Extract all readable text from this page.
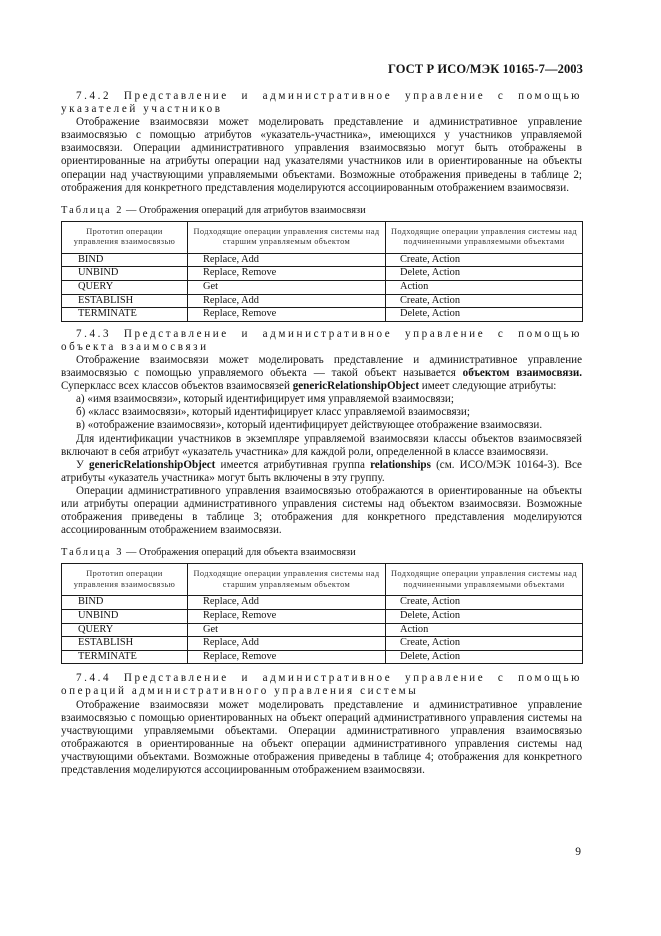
ГОСТ Р ИСО/МЭК 10165-7—2003

7.4.2 Представление и административное управление с помощью указателей участников

Отображение взаимосвязи может моделировать представление и административное управление взаимосвязью с помощью атрибутов «указатель-участника», имеющихся у участников управляемой взаимосвязи. Операции административного управления взаимосвязью могут быть отображены в ориентированные на атрибуты операции над указателями участников или в ориентированные на объекты операции над участвующими управляемыми объектами. Возможные отображения приведены в таблице 2; отображения для конкретного представления моделируются ассоциированным отображением взаимосвязи.

Таблица 2 — Отображения операций для атрибутов взаимосвязи
Прототип операции управления взаимосвязью	Подходящие операции управления системы над старшим управляемым объектом	Подходящие операции управления системы над подчиненными управляемыми объектами
BIND	Replace, Add	Create, Action
UNBIND	Replace, Remove	Delete, Action
QUERY	Get	Action
ESTABLISH	Replace, Add	Create, Action
TERMINATE	Replace, Remove	Delete, Action

7.4.3 Представление и административное управление с помощью объекта взаимосвязи

Отображение взаимосвязи может моделировать представление и административное управление взаимосвязью с помощью управляемого объекта — такой объект называется объектом взаимосвязи. Суперкласс всех классов объектов взаимосвязей genericRelationshipObject имеет следующие атрибуты:

а) «имя взаимосвязи», который идентифицирует имя управляемой взаимосвязи;

б) «класс взаимосвязи», который идентифицирует класс управляемой взаимосвязи;

в) «отображение взаимосвязи», который идентифицирует действующее отображение взаимосвязи.

Для идентификации участников в экземпляре управляемой взаимосвязи классы объектов взаимосвязей включают в себя атрибут «указатель участника» для каждой роли, определенной в классе взаимосвязи.

У genericRelationshipObject имеется атрибутивная группа relationships (см. ИСО/МЭК 10164-3). Все атрибуты «указатель участника» могут быть включены в эту группу.

Операции административного управления взаимосвязью отображаются в ориентированные на объекты или атрибуты операции административного управления системы над объектом взаимосвязи. Возможные отображения приведены в таблице 3; отображения для конкретного представления моделируются ассоциированным отображением взаимосвязи.

Таблица 3 — Отображения операций для объекта взаимосвязи
Прототип операции управления взаимосвязью	Подходящие операции управления системы над старшим управляемым объектом	Подходящие операции управления системы над подчиненными управляемыми объектами
BIND	Replace, Add	Create, Action
UNBIND	Replace, Remove	Delete, Action
QUERY	Get	Action
ESTABLISH	Replace, Add	Create, Action
TERMINATE	Replace, Remove	Delete, Action

7.4.4 Представление и административное управление с помощью операций административного управления системы

Отображение взаимосвязи может моделировать представление и административное управление взаимосвязью с помощью ориентированных на объект операций административного управления системы на участвующими управляемыми объектами. Операции административного управления взаимосвязью отображаются в ориентированные на объект операции административного управления системы над участвующими объектами. Возможные отображения приведены в таблице 4; отображения для конкретного представления моделируются ассоциированным отображением взаимосвязи.

9
